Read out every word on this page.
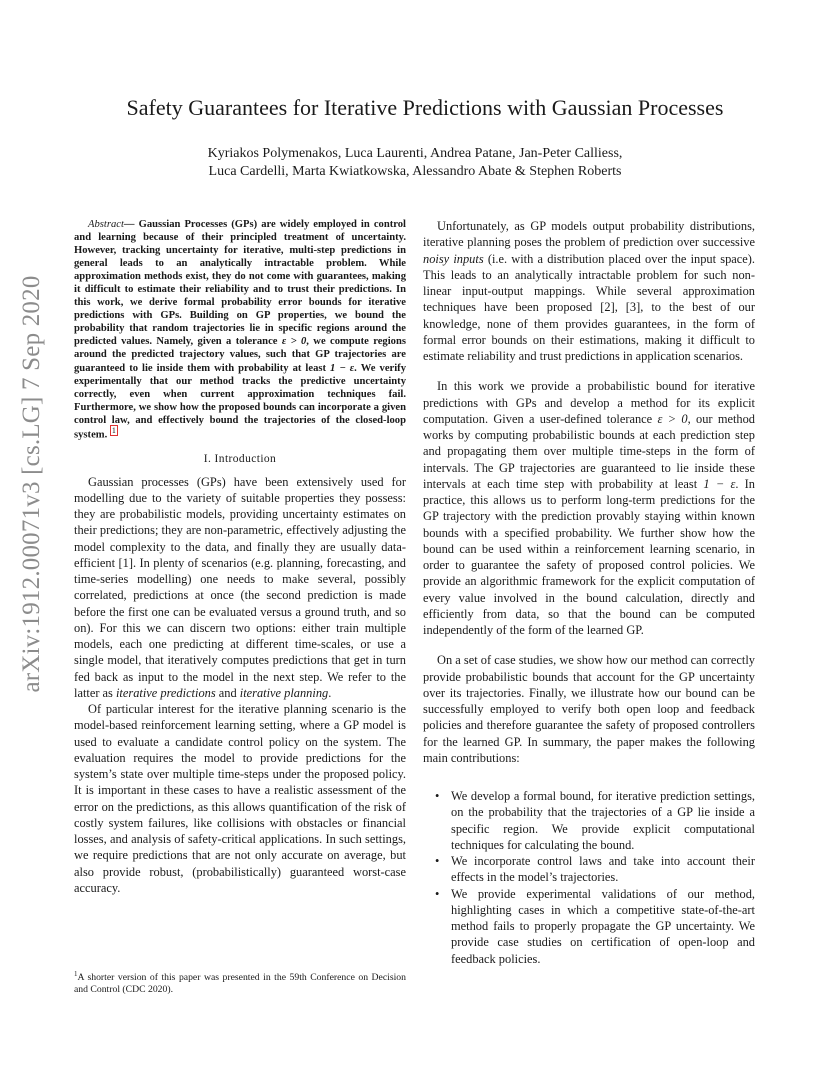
arXiv:1912.00071v3 [cs.LG] 7 Sep 2020
Safety Guarantees for Iterative Predictions with Gaussian Processes
Kyriakos Polymenakos, Luca Laurenti, Andrea Patane, Jan-Peter Calliess,
Luca Cardelli, Marta Kwiatkowska, Alessandro Abate & Stephen Roberts

Abstract— Gaussian Processes (GPs) are widely employed in control and learning because of their principled treatment of uncertainty. However, tracking uncertainty for iterative, multi-step predictions in general leads to an analytically intractable problem. While approximation methods exist, they do not come with guarantees, making it difficult to estimate their reliability and to trust their predictions. In this work, we derive formal probability error bounds for iterative predictions with GPs. Building on GP properties, we bound the probability that random trajectories lie in specific regions around the predicted values. Namely, given a tolerance ε > 0, we compute regions around the predicted trajectory values, such that GP trajectories are guaranteed to lie inside them with probability at least 1 − ε. We verify experimentally that our method tracks the predictive uncertainty correctly, even when current approximation techniques fail. Furthermore, we show how the proposed bounds can incorporate a given control law, and effectively bound the trajectories of the closed-loop system. $^1$

I. Introduction

Gaussian processes (GPs) have been extensively used for modelling due to the variety of suitable properties they possess: they are probabilistic models, providing uncertainty estimates on their predictions; they are non-parametric, effectively adjusting the model complexity to the data, and finally they are usually data-efficient [1]. In plenty of scenarios (e.g. planning, forecasting, and time-series modelling) one needs to make several, possibly correlated, predictions at once (the second prediction is made before the first one can be evaluated versus a ground truth, and so on). For this we can discern two options: either train multiple models, each one predicting at different time-scales, or use a single model, that iteratively computes predictions that get in turn fed back as input to the model in the next step. We refer to the latter as iterative predictions and iterative planning.

Of particular interest for the iterative planning scenario is the model-based reinforcement learning setting, where a GP model is used to evaluate a candidate control policy on the system. The evaluation requires the model to provide predictions for the system’s state over multiple time-steps under the proposed policy. It is important in these cases to have a realistic assessment of the error on the predictions, as this allows quantification of the risk of costly system failures, like collisions with obstacles or financial losses, and analysis of safety-critical applications. In such settings, we require predictions that are not only accurate on average, but also provide robust, (probabilistically) guaranteed worst-case accuracy.

$^1$A shorter version of this paper was presented in the 59th Conference on Decision and Control (CDC 2020).

Unfortunately, as GP models output probability distributions, iterative planning poses the problem of prediction over successive noisy inputs (i.e. with a distribution placed over the input space). This leads to an analytically intractable problem for such non-linear input-output mappings. While several approximation techniques have been proposed [2], [3], to the best of our knowledge, none of them provides guarantees, in the form of formal error bounds on their estimations, making it difficult to estimate reliability and trust predictions in application scenarios.

In this work we provide a probabilistic bound for iterative predictions with GPs and develop a method for its explicit computation. Given a user-defined tolerance ε > 0, our method works by computing probabilistic bounds at each prediction step and propagating them over multiple time-steps in the form of intervals. The GP trajectories are guaranteed to lie inside these intervals at each time step with probability at least 1 − ε. In practice, this allows us to perform long-term predictions for the GP trajectory with the prediction provably staying within known bounds with a specified probability. We further show how the bound can be used within a reinforcement learning scenario, in order to guarantee the safety of proposed control policies. We provide an algorithmic framework for the explicit computation of every value involved in the bound calculation, directly and efficiently from data, so that the bound can be computed independently of the form of the learned GP.

On a set of case studies, we show how our method can correctly provide probabilistic bounds that account for the GP uncertainty over its trajectories. Finally, we illustrate how our bound can be successfully employed to verify both open loop and feedback policies and therefore guarantee the safety of proposed controllers for the learned GP. In summary, the paper makes the following main contributions:

• We develop a formal bound, for iterative prediction settings, on the probability that the trajectories of a GP lie inside a specific region. We provide explicit computational techniques for calculating the bound.
• We incorporate control laws and take into account their effects in the model’s trajectories.
• We provide experimental validations of our method, highlighting cases in which a competitive state-of-the-art method fails to properly propagate the GP uncertainty. We provide case studies on certification of open-loop and feedback policies.
